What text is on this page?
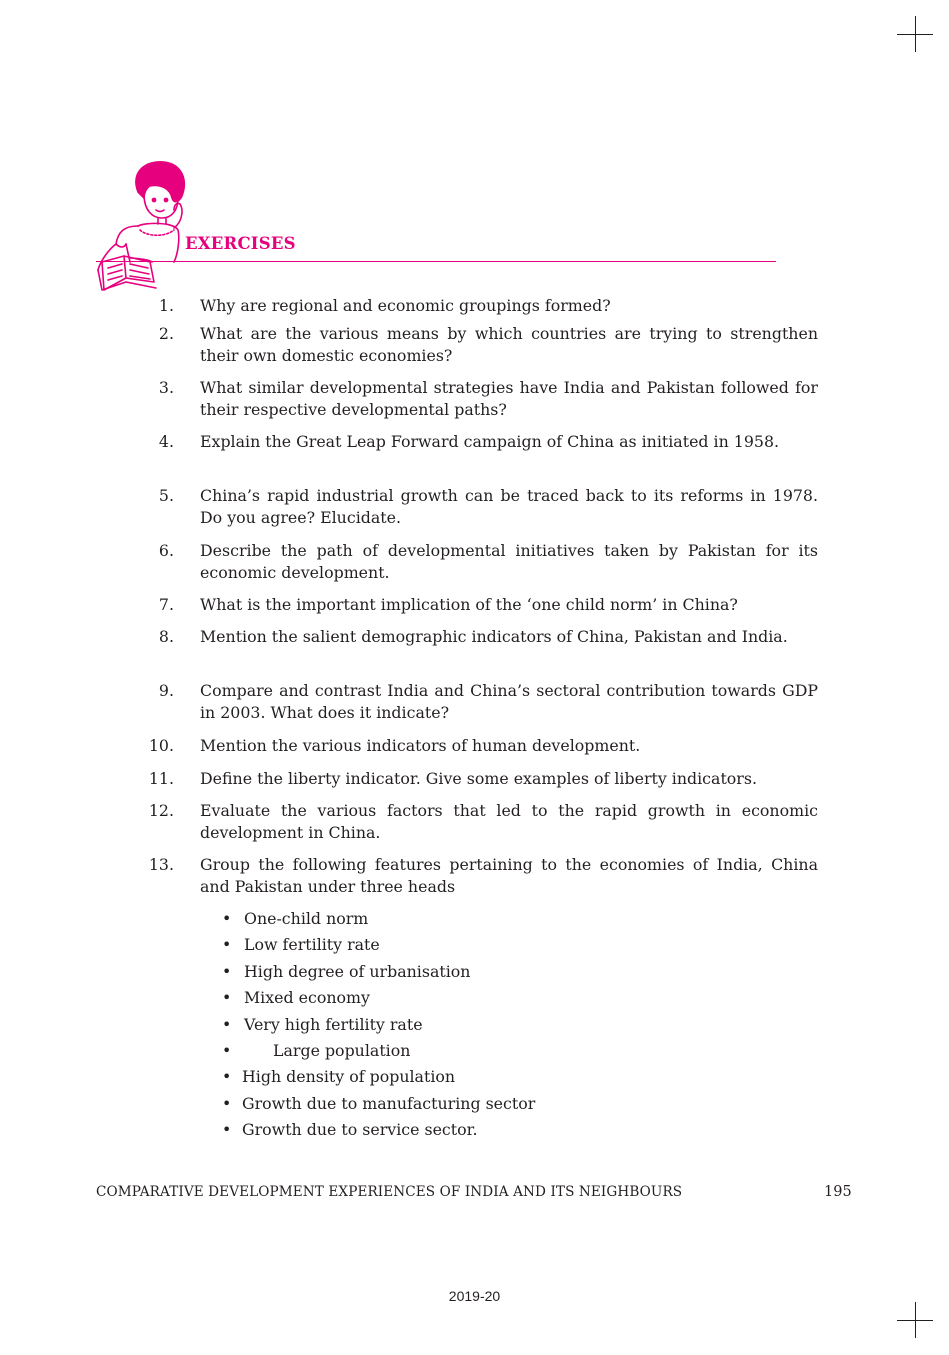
EXERCISES
1. Why are regional and economic groupings formed?
2. What are the various means by which countries are trying to strengthen their own domestic economies?
3. What similar developmental strategies have India and Pakistan followed for their respective developmental paths?
4. Explain the Great Leap Forward campaign of China as initiated in 1958.
5. China’s rapid industrial growth can be traced back to its reforms in 1978. Do you agree? Elucidate.
6. Describe the path of developmental initiatives taken by Pakistan for its economic development.
7. What is the important implication of the ‘one child norm’ in China?
8. Mention the salient demographic indicators of China, Pakistan and India.
9. Compare and contrast India and China’s sectoral contribution towards GDP in 2003. What does it indicate?
10. Mention the various indicators of human development.
11. Define the liberty indicator. Give some examples of liberty indicators.
12. Evaluate the various factors that led to the rapid growth in economic development in China.
13. Group the following features pertaining to the economies of India, China and Pakistan under three heads
• One-child norm
• Low fertility rate
• High degree of urbanisation
• Mixed economy
• Very high fertility rate
•	Large population
• High density of population
• Growth due to manufacturing sector
• Growth due to service sector.
COMPARATIVE DEVELOPMENT EXPERIENCES OF INDIA AND ITS NEIGHBOURS	195
2019-20
